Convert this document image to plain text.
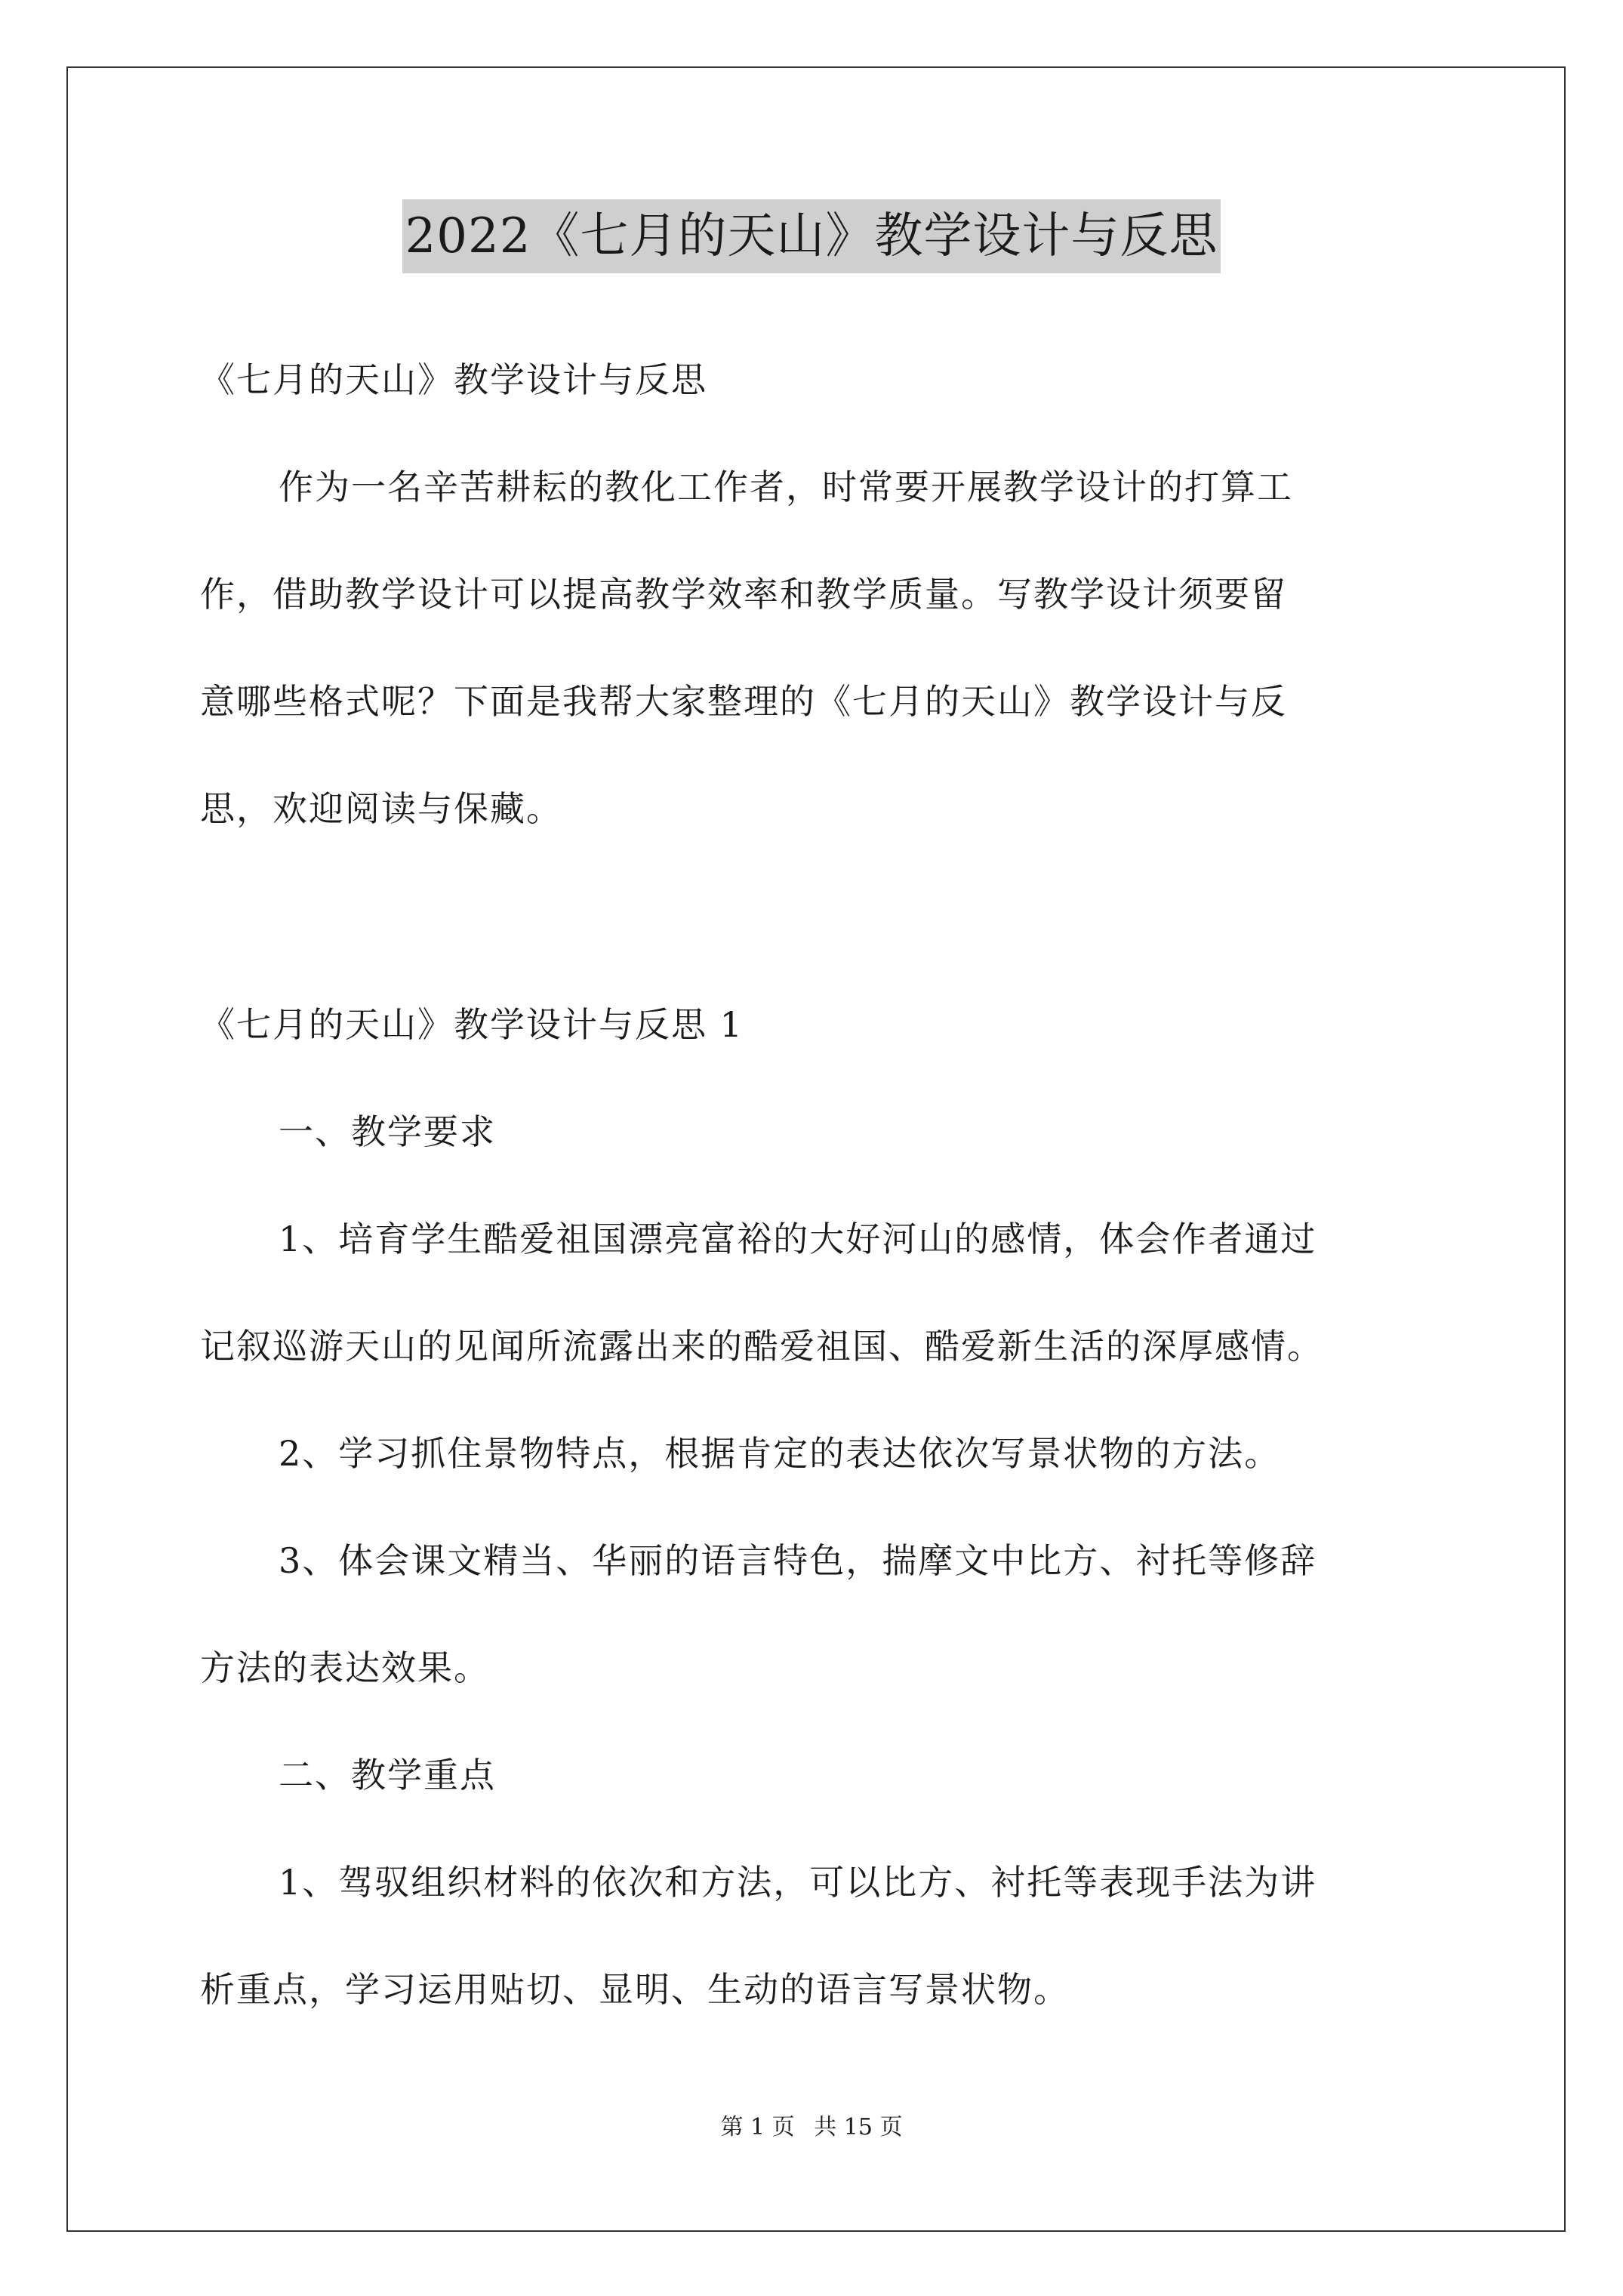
2022《七月的天山》教学设计与反思
《七月的天山》教学设计与反思
作为一名辛苦耕耘的教化工作者，时常要开展教学设计的打算工
作，借助教学设计可以提高教学效率和教学质量。写教学设计须要留
意哪些格式呢？下面是我帮大家整理的《七月的天山》教学设计与反
思，欢迎阅读与保藏。
《七月的天山》教学设计与反思 1
一、教学要求
1、培育学生酷爱祖国漂亮富裕的大好河山的感情，体会作者通过
记叙巡游天山的见闻所流露出来的酷爱祖国、酷爱新生活的深厚感情。
2、学习抓住景物特点，根据肯定的表达依次写景状物的方法。
3、体会课文精当、华丽的语言特色，揣摩文中比方、衬托等修辞
方法的表达效果。
二、教学重点
1、驾驭组织材料的依次和方法，可以比方、衬托等表现手法为讲
析重点，学习运用贴切、显明、生动的语言写景状物。
第 1 页 共 15 页
